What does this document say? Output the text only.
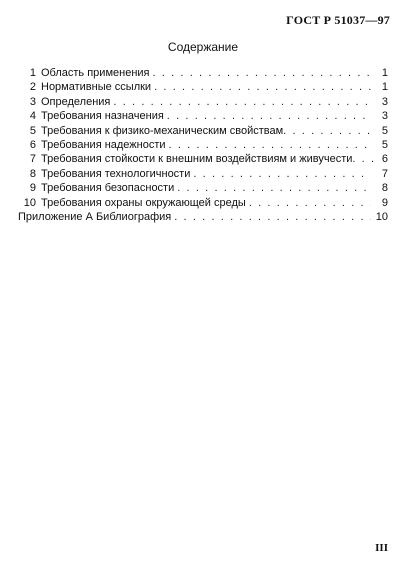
ГОСТ Р 51037—97
Содержание
1 Область применения . . .	1
2 Нормативные ссылки . . .	1
3 Определения . . .	3
4 Требования назначения . . .	3
5 Требования к физико-механическим свойствам . . .	5
6 Требования надежности . . .	5
7 Требования стойкости к внешним воздействиям и живучести . . .	6
8 Требования технологичности . . .	7
9 Требования безопасности . . .	8
10 Требования охраны окружающей среды . . .	9
Приложение А Библиография . . .	10
III
